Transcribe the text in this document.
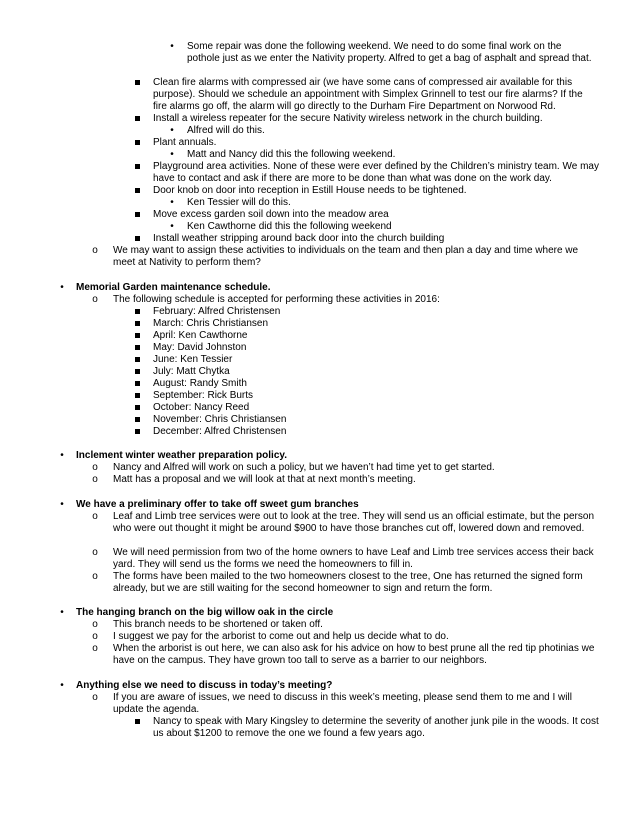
•	Some repair was done the following weekend. We need to do some final work on the pothole just as we enter the Nativity property. Alfred to get a bag of asphalt and spread that.
Clean fire alarms with compressed air (we have some cans of compressed air available for this purpose). Should we schedule an appointment with Simplex Grinnell to test our fire alarms? If the fire alarms go off, the alarm will go directly to the Durham Fire Department on Norwood Rd.
Install a wireless repeater for the secure Nativity wireless network in the church building.
•	Alfred will do this.
Plant annuals.
•	Matt and Nancy did this the following weekend.
Playground area activities. None of these were ever defined by the Children’s ministry team. We may have to contact and ask if there are more to be done than what was done on the work day.
Door knob on door into reception in Estill House needs to be tightened.
•	Ken Tessier will do this.
Move excess garden soil down into the meadow area
•	Ken Cawthorne did this the following weekend
Install weather stripping around back door into the church building
o	We may want to assign these activities to individuals on the team and then plan a day and time where we meet at Nativity to perform them?
•	Memorial Garden maintenance schedule.
o	The following schedule is accepted for performing these activities in 2016:
February: Alfred Christensen
March: Chris Christiansen
April: Ken Cawthorne
May: David Johnston
June: Ken Tessier
July: Matt Chytka
August: Randy Smith
September: Rick Burts
October: Nancy Reed
November: Chris Christiansen
December: Alfred Christensen
•	Inclement winter weather preparation policy.
o	Nancy and Alfred will work on such a policy, but we haven’t had time yet to get started.
o	Matt has a proposal and we will look at that at next month’s meeting.
•	We have a preliminary offer to take off sweet gum branches
o	Leaf and Limb tree services were out to look at the tree. They will send us an official estimate, but the person who were out thought it might be around $900 to have those branches cut off, lowered down and removed.
o	We will need permission from two of the home owners to have Leaf and Limb tree services access their back yard. They will send us the forms we need the homeowners to fill in.
o	The forms have been mailed to the two homeowners closest to the tree, One has returned the signed form already, but we are still waiting for the second homeowner to sign and return the form.
•	The hanging branch on the big willow oak in the circle
o	This branch needs to be shortened or taken off.
o	I suggest we pay for the arborist to come out and help us decide what to do.
o	When the arborist is out here, we can also ask for his advice on how to best prune all the red tip photinias we have on the campus. They have grown too tall to serve as a barrier to our neighbors.
•	Anything else we need to discuss in today’s meeting?
o	If you are aware of issues, we need to discuss in this week’s meeting, please send them to me and I will update the agenda.
Nancy to speak with Mary Kingsley to determine the severity of another junk pile in the woods. It cost us about $1200 to remove the one we found a few years ago.
